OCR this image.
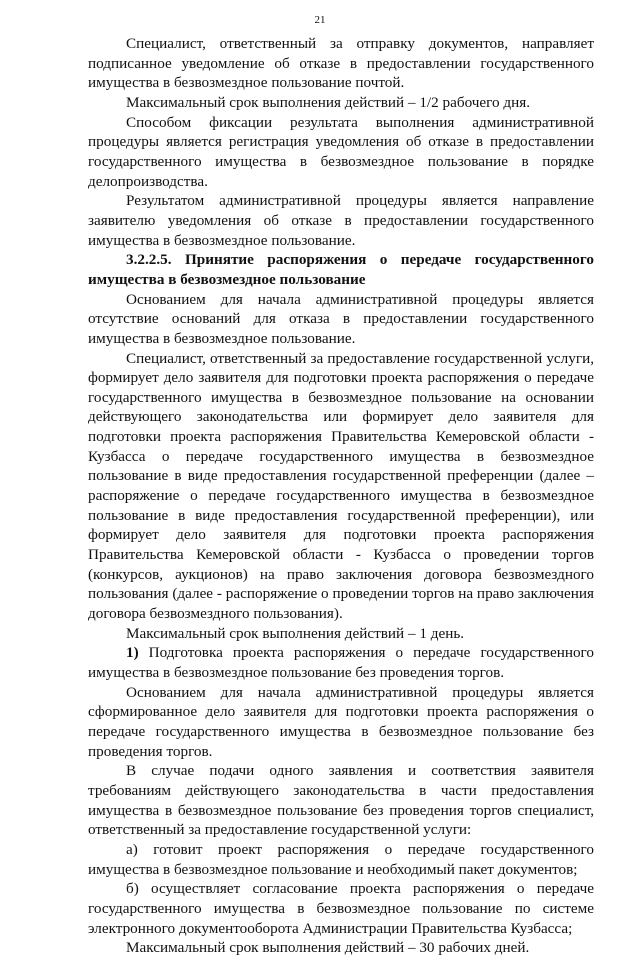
21

Специалист, ответственный за отправку документов, направляет подписанное уведомление об отказе в предоставлении государственного имущества в безвозмездное пользование почтой.

Максимальный срок выполнения действий – 1/2 рабочего дня.

Способом фиксации результата выполнения административной процедуры является регистрация уведомления об отказе в предоставлении государственного имущества в безвозмездное пользование в порядке делопроизводства.

Результатом административной процедуры является направление заявителю уведомления об отказе в предоставлении государственного имущества в безвозмездное пользование.

3.2.2.5. Принятие распоряжения о передаче государственного имущества в безвозмездное пользование

Основанием для начала административной процедуры является отсутствие оснований для отказа в предоставлении государственного имущества в безвозмездное пользование.

Специалист, ответственный за предоставление государственной услуги, формирует дело заявителя для подготовки проекта распоряжения о передаче государственного имущества в безвозмездное пользование на основании действующего законодательства или формирует дело заявителя для подготовки проекта распоряжения Правительства Кемеровской области - Кузбасса о передаче государственного имущества в безвозмездное пользование в виде предоставления государственной преференции (далее – распоряжение о передаче государственного имущества в безвозмездное пользование в виде предоставления государственной преференции), или формирует дело заявителя для подготовки проекта распоряжения Правительства Кемеровской области - Кузбасса о проведении торгов (конкурсов, аукционов) на право заключения договора безвозмездного пользования (далее - распоряжение о проведении торгов на право заключения договора безвозмездного пользования).

Максимальный срок выполнения действий – 1 день.

1) Подготовка проекта распоряжения о передаче государственного имущества в безвозмездное пользование без проведения торгов.

Основанием для начала административной процедуры является сформированное дело заявителя для подготовки проекта распоряжения о передаче государственного имущества в безвозмездное пользование без проведения торгов.

В случае подачи одного заявления и соответствия заявителя требованиям действующего законодательства в части предоставления имущества в безвозмездное пользование без проведения торгов специалист, ответственный за предоставление государственной услуги:

а) готовит проект распоряжения о передаче государственного имущества в безвозмездное пользование и необходимый пакет документов;

б) осуществляет согласование проекта распоряжения о передаче государственного имущества в безвозмездное пользование по системе электронного документооборота Администрации Правительства Кузбасса;

Максимальный срок выполнения действий – 30 рабочих дней.
